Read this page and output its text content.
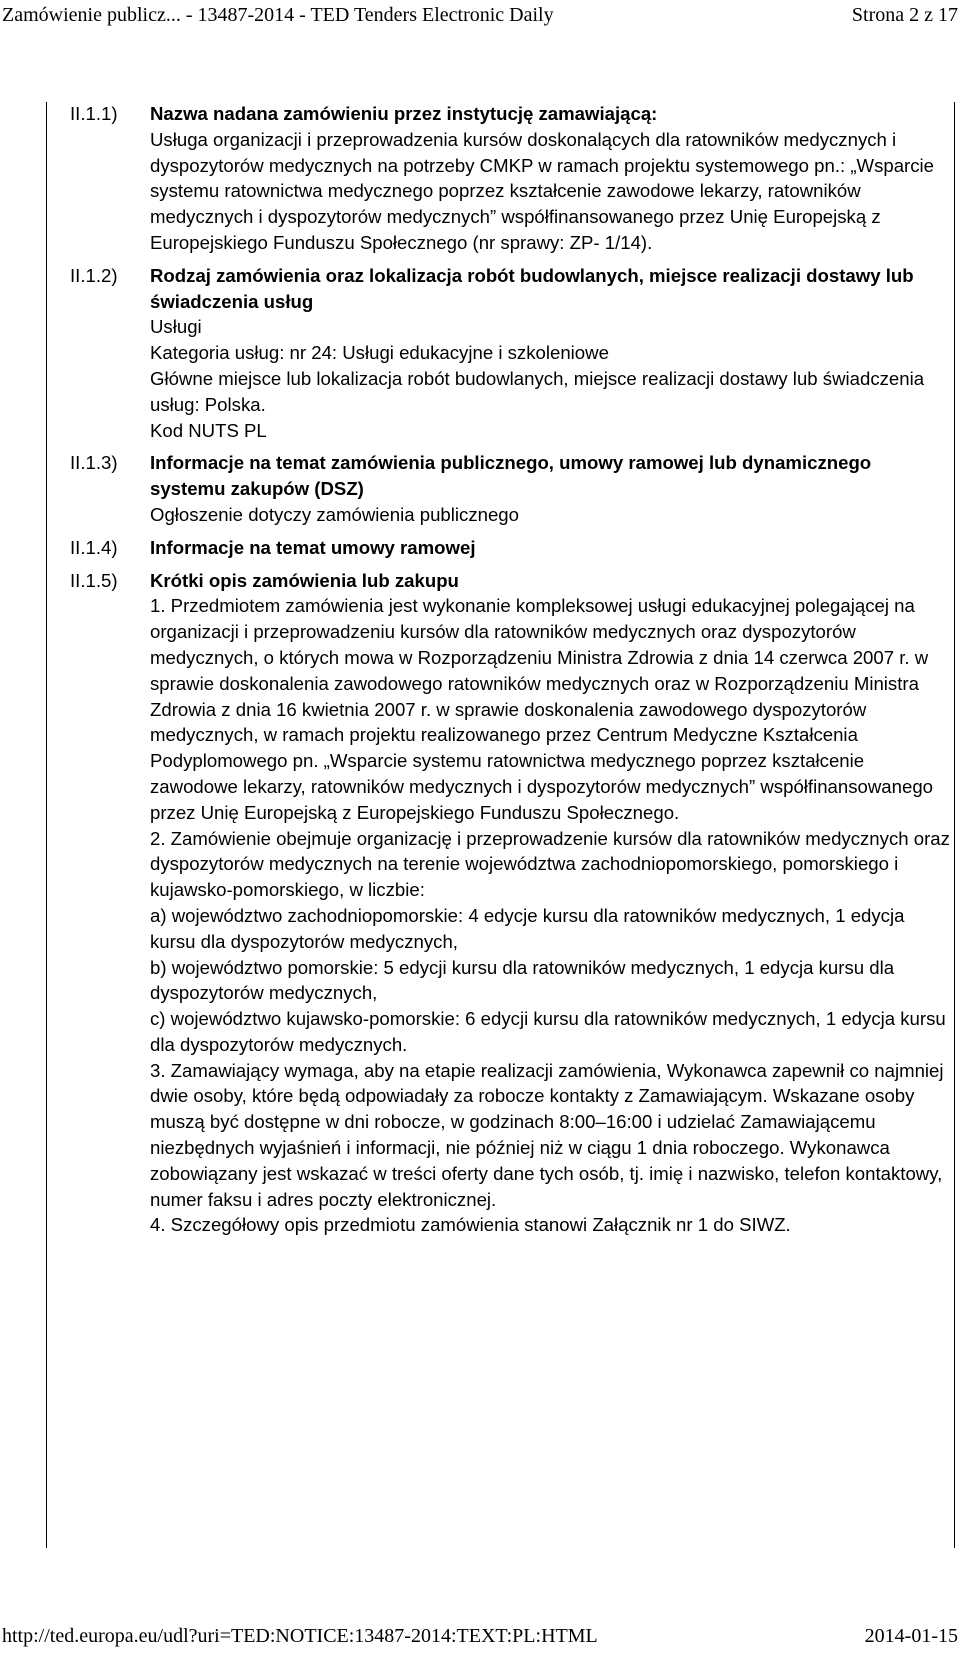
Zamówienie publicz... - 13487-2014 - TED Tenders Electronic Daily	Strona 2 z 17
II.1.1)	Nazwa nadana zamówieniu przez instytucję zamawiającą:
Usługa organizacji i przeprowadzenia kursów doskonalących dla ratowników medycznych i dyspozytorów medycznych na potrzeby CMKP w ramach projektu systemowego pn.: „Wsparcie systemu ratownictwa medycznego poprzez kształcenie zawodowe lekarzy, ratowników medycznych i dyspozytorów medycznych” współfinansowanego przez Unię Europejską z Europejskiego Funduszu Społecznego (nr sprawy: ZP- 1/14).
II.1.2)	Rodzaj zamówienia oraz lokalizacja robót budowlanych, miejsce realizacji dostawy lub świadczenia usług
Usługi
Kategoria usług: nr 24: Usługi edukacyjne i szkoleniowe
Główne miejsce lub lokalizacja robót budowlanych, miejsce realizacji dostawy lub świadczenia usług: Polska.
Kod NUTS PL
II.1.3)	Informacje na temat zamówienia publicznego, umowy ramowej lub dynamicznego systemu zakupów (DSZ)
Ogłoszenie dotyczy zamówienia publicznego
II.1.4)	Informacje na temat umowy ramowej
II.1.5)	Krótki opis zamówienia lub zakupu
1. Przedmiotem zamówienia jest wykonanie kompleksowej usługi edukacyjnej polegającej na organizacji i przeprowadzeniu kursów dla ratowników medycznych oraz dyspozytorów medycznych, o których mowa w Rozporządzeniu Ministra Zdrowia z dnia 14 czerwca 2007 r. w sprawie doskonalenia zawodowego ratowników medycznych oraz w Rozporządzeniu Ministra Zdrowia z dnia 16 kwietnia 2007 r. w sprawie doskonalenia zawodowego dyspozytorów medycznych, w ramach projektu realizowanego przez Centrum Medyczne Kształcenia Podyplomowego pn. „Wsparcie systemu ratownictwa medycznego poprzez kształcenie zawodowe lekarzy, ratowników medycznych i dyspozytorów medycznych” współfinansowanego przez Unię Europejską z Europejskiego Funduszu Społecznego.
2. Zamówienie obejmuje organizację i przeprowadzenie kursów dla ratowników medycznych oraz dyspozytorów medycznych na terenie województwa zachodniopomorskiego, pomorskiego i kujawsko-pomorskiego, w liczbie:
a) województwo zachodniopomorskie: 4 edycje kursu dla ratowników medycznych, 1 edycja kursu dla dyspozytorów medycznych,
b) województwo pomorskie: 5 edycji kursu dla ratowników medycznych, 1 edycja kursu dla dyspozytorów medycznych,
c) województwo kujawsko-pomorskie: 6 edycji kursu dla ratowników medycznych, 1 edycja kursu dla dyspozytorów medycznych.
3. Zamawiający wymaga, aby na etapie realizacji zamówienia, Wykonawca zapewnił co najmniej dwie osoby, które będą odpowiadały za robocze kontakty z Zamawiającym. Wskazane osoby muszą być dostępne w dni robocze, w godzinach 8:00–16:00 i udzielać Zamawiającemu niezbędnych wyjaśnień i informacji, nie później niż w ciągu 1 dnia roboczego. Wykonawca zobowiązany jest wskazać w treści oferty dane tych osób, tj. imię i nazwisko, telefon kontaktowy, numer faksu i adres poczty elektronicznej.
4. Szczegółowy opis przedmiotu zamówienia stanowi Załącznik nr 1 do SIWZ.
http://ted.europa.eu/udl?uri=TED:NOTICE:13487-2014:TEXT:PL:HTML	2014-01-15
